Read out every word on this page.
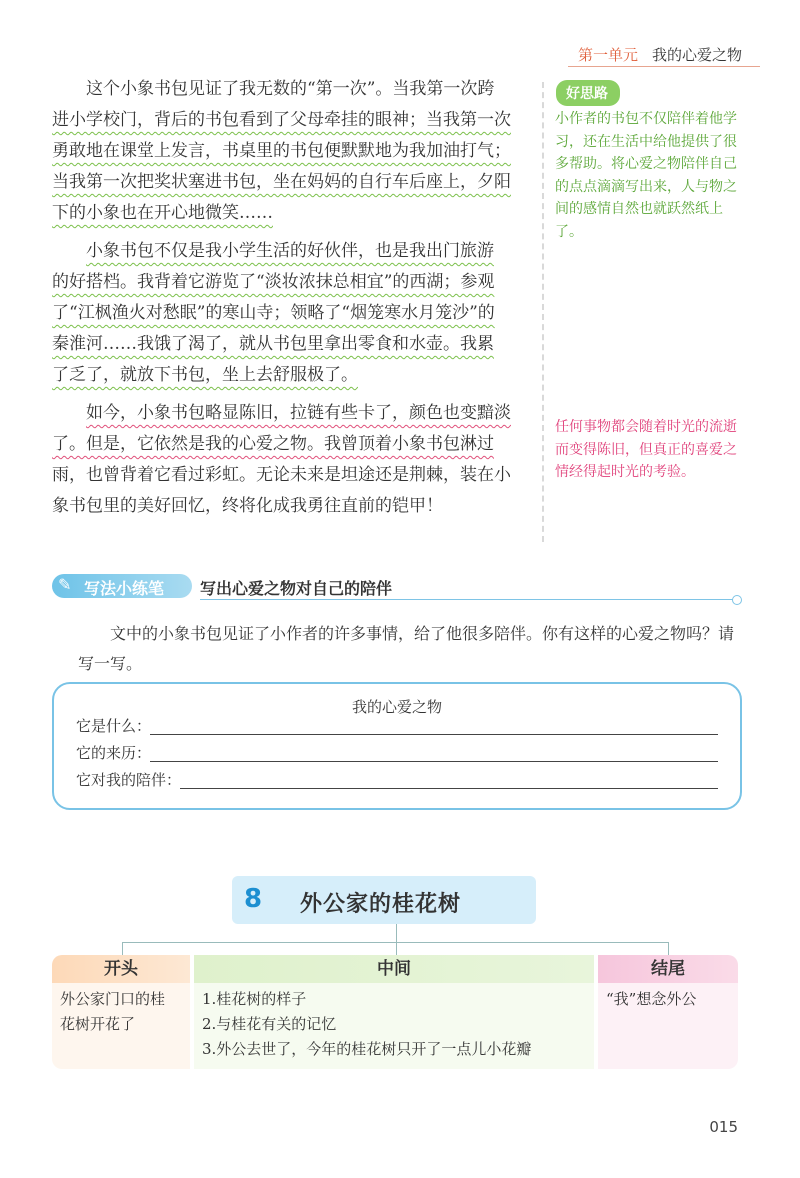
第一单元 我的心爱之物

这个小象书包见证了我无数的“第一次”。当我第一次跨
进小学校门，背后的书包看到了父母牵挂的眼神；当我第一次
勇敢地在课堂上发言，书桌里的书包便默默地为我加油打气；
当我第一次把奖状塞进书包，坐在妈妈的自行车后座上，夕阳
下的小象也在开心地微笑……

小象书包不仅是我小学生活的好伙伴，也是我出门旅游
的好搭档。我背着它游览了“淡妆浓抹总相宜”的西湖；参观
了“江枫渔火对愁眠”的寒山寺；领略了“烟笼寒水月笼沙”的
秦淮河……我饿了渴了，就从书包里拿出零食和水壶。我累
了乏了，就放下书包，坐上去舒服极了。

如今，小象书包略显陈旧，拉链有些卡了，颜色也变黯淡
了。但是，它依然是我的心爱之物。我曾顶着小象书包淋过
雨，也曾背着它看过彩虹。无论未来是坦途还是荆棘，装在小
象书包里的美好回忆，终将化成我勇往直前的铠甲！

好思路
小作者的书包不仅陪伴着他学习，还在生活中给他提供了很多帮助。将心爱之物陪伴自己的点点滴滴写出来，人与物之间的感情自然也就跃然纸上了。
任何事物都会随着时光的流逝而变得陈旧，但真正的喜爱之情经得起时光的考验。
✎ 写法小练笔 写出心爱之物对自己的陪伴
文中的小象书包见证了小作者的许多事情，给了他很多陪伴。你有这样的心爱之物吗？请写一写。
我的心爱之物
它是什么：
它的来历：
它对我的陪伴：
8 外公家的桂花树
开头	中间	结尾
外公家门口的桂
花树开花了
1.桂花树的样子
2.与桂花有关的记忆
3.外公去世了，今年的桂花树只开了一点儿小花瓣
“我”想念外公
015
